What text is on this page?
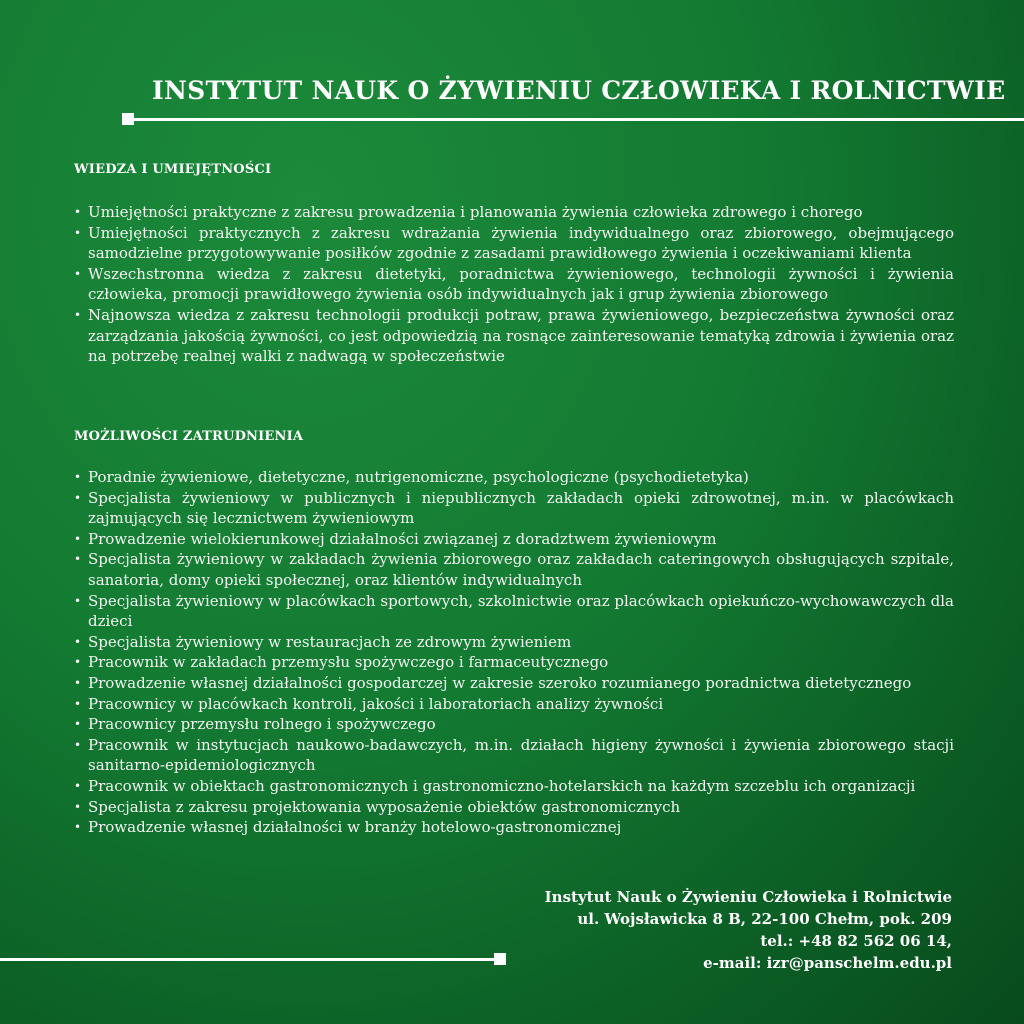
INSTYTUT NAUK O ŻYWIENIU CZŁOWIEKA I ROLNICTWIE
WIEDZA I UMIEJĘTNOŚCI
• Umiejętności praktyczne z zakresu prowadzenia i planowania żywienia człowieka zdrowego i chorego
• Umiejętności praktycznych z zakresu wdrażania żywienia indywidualnego oraz zbiorowego, obejmującego samodzielne przygotowywanie posiłków zgodnie z zasadami prawidłowego żywienia i oczekiwaniami klienta
• Wszechstronna wiedza z zakresu dietetyki, poradnictwa żywieniowego, technologii żywności i żywienia człowieka, promocji prawidłowego żywienia osób indywidualnych jak i grup żywienia zbiorowego
• Najnowsza wiedza z zakresu technologii produkcji potraw, prawa żywieniowego, bezpieczeństwa żywności oraz zarządzania jakością żywności, co jest odpowiedzią na rosnące zainteresowanie tematyką zdrowia i żywienia oraz na potrzebę realnej walki z nadwagą w społeczeństwie
MOŻLIWOŚCI ZATRUDNIENIA
• Poradnie żywieniowe, dietetyczne, nutrigenomiczne, psychologiczne (psychodietetyka)
• Specjalista żywieniowy w publicznych i niepublicznych zakładach opieki zdrowotnej, m.in. w placówkach zajmujących się lecznictwem żywieniowym
• Prowadzenie wielokierunkowej działalności związanej z doradztwem żywieniowym
• Specjalista żywieniowy w zakładach żywienia zbiorowego oraz zakładach cateringowych obsługujących szpitale, sanatoria, domy opieki społecznej, oraz klientów indywidualnych
• Specjalista żywieniowy w placówkach sportowych, szkolnictwie oraz placówkach opiekuńczo-wychowawczych dla dzieci
• Specjalista żywieniowy w restauracjach ze zdrowym żywieniem
• Pracownik w zakładach przemysłu spożywczego i farmaceutycznego
• Prowadzenie własnej działalności gospodarczej w zakresie szeroko rozumianego poradnictwa dietetycznego
• Pracownicy w placówkach kontroli, jakości i laboratoriach analizy żywności
• Pracownicy przemysłu rolnego i spożywczego
• Pracownik w instytucjach naukowo-badawczych, m.in. działach higieny żywności i żywienia zbiorowego stacji sanitarno-epidemiologicznych
• Pracownik w obiektach gastronomicznych i gastronomiczno-hotelarskich na każdym szczeblu ich organizacji
• Specjalista z zakresu projektowania wyposażenie obiektów gastronomicznych
• Prowadzenie własnej działalności w branży hotelowo-gastronomicznej
Instytut Nauk o Żywieniu Człowieka i Rolnictwie
ul. Wojsławicka 8 B, 22-100 Chełm, pok. 209
tel.: +48 82 562 06 14,
e-mail: izr@panschelm.edu.pl
